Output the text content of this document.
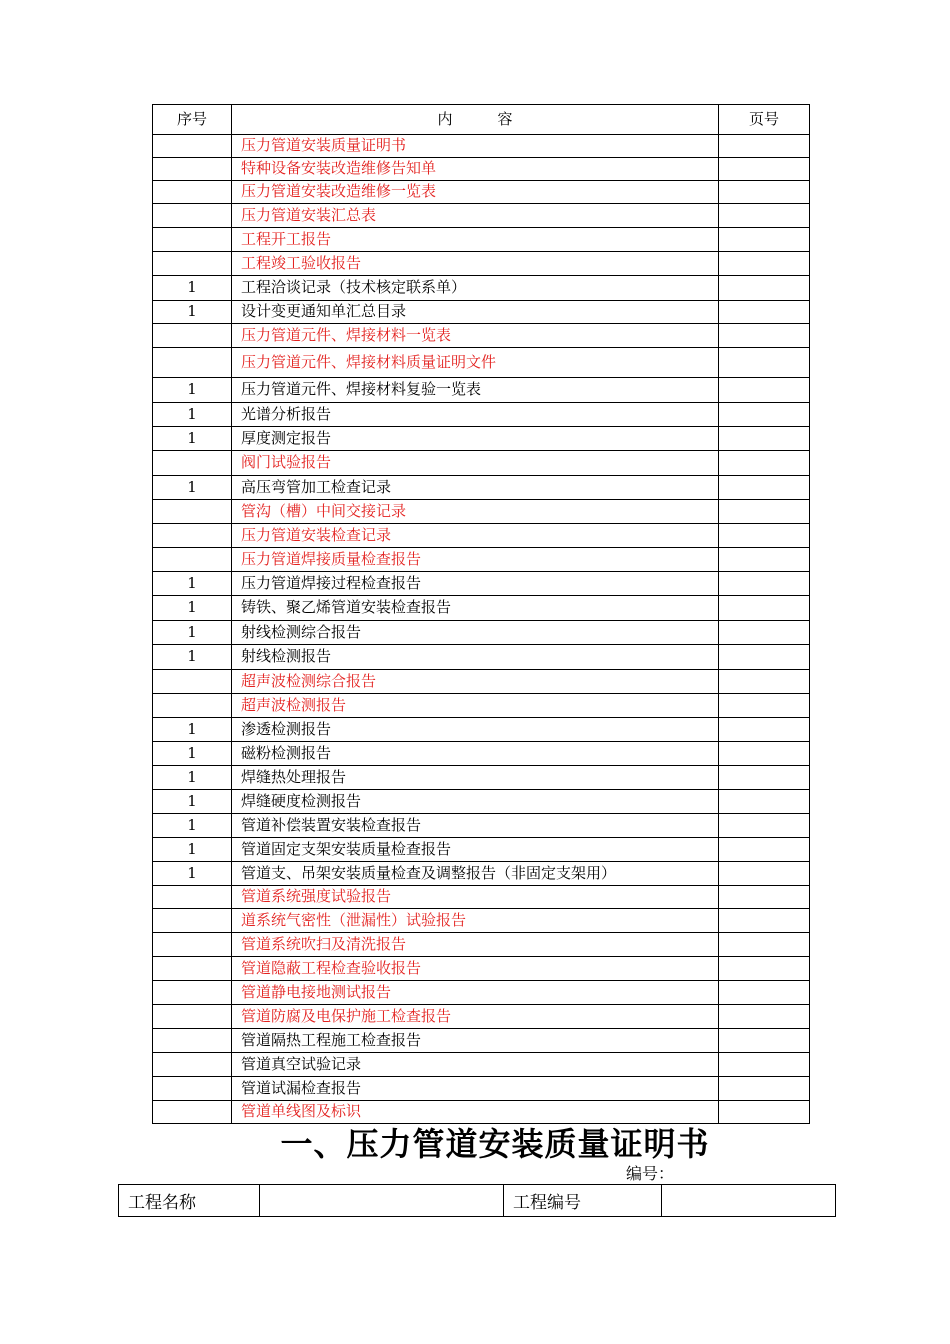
序号	内　　　容	页号
	压力管道安装质量证明书	
	特种设备安装改造维修告知单	
	压力管道安装改造维修一览表	
	压力管道安装汇总表	
	工程开工报告	
	工程竣工验收报告	
1	工程洽谈记录（技术核定联系单）	
1	设计变更通知单汇总目录	
	压力管道元件、焊接材料一览表	
	压力管道元件、焊接材料质量证明文件	
1	压力管道元件、焊接材料复验一览表	
1	光谱分析报告	
1	厚度测定报告	
	阀门试验报告	
1	高压弯管加工检查记录	
	管沟（槽）中间交接记录	
	压力管道安装检查记录	
	压力管道焊接质量检查报告	
1	压力管道焊接过程检查报告	
1	铸铁、聚乙烯管道安装检查报告	
1	射线检测综合报告	
1	射线检测报告	
	超声波检测综合报告	
	超声波检测报告	
1	渗透检测报告	
1	磁粉检测报告	
1	焊缝热处理报告	
1	焊缝硬度检测报告	
1	管道补偿装置安装检查报告	
1	管道固定支架安装质量检查报告	
1	管道支、吊架安装质量检查及调整报告（非固定支架用）	
	管道系统强度试验报告	
	道系统气密性（泄漏性）试验报告	
	管道系统吹扫及清洗报告	
	管道隐蔽工程检查验收报告	
	管道静电接地测试报告	
	管道防腐及电保护施工检查报告	
	管道隔热工程施工检查报告	
	管道真空试验记录	
	管道试漏检查报告	
	管道单线图及标识	
一、压力管道安装质量证明书
编号：
工程名称		工程编号	
